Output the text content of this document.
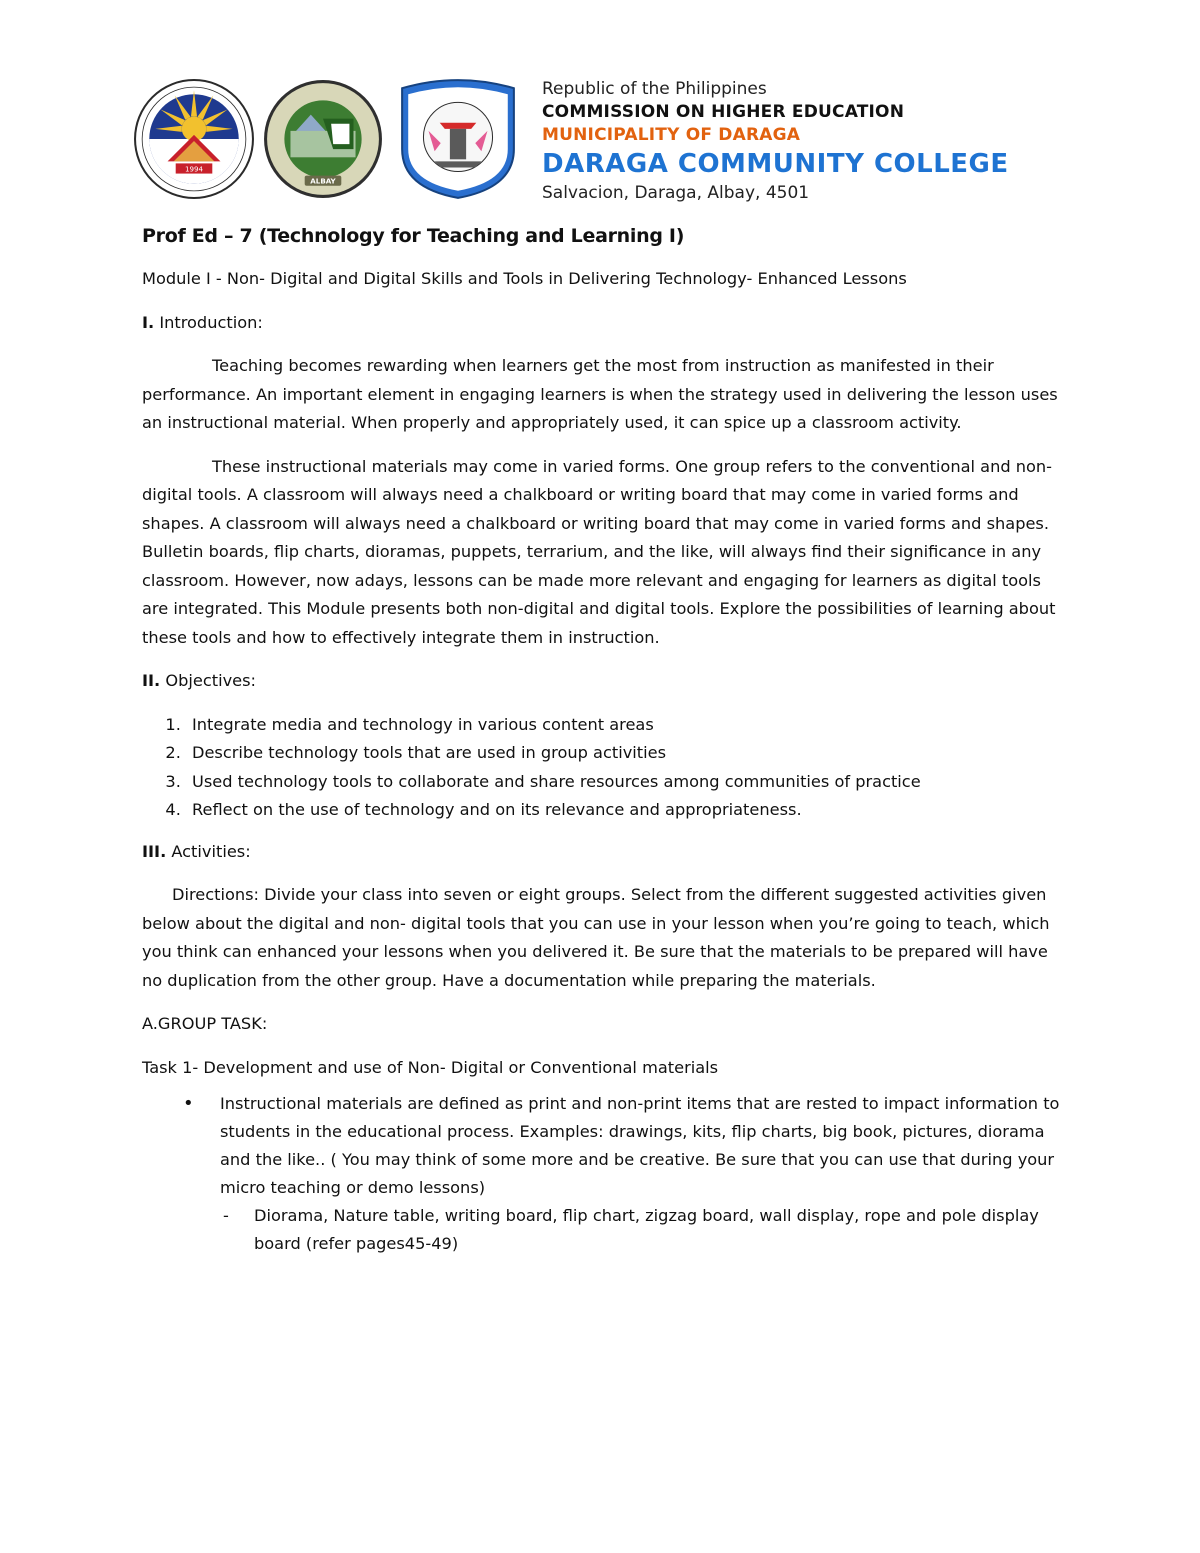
1994
ALBAY
Republic of the Philippines
COMMISSION ON HIGHER EDUCATION
MUNICIPALITY OF DARAGA
DARAGA COMMUNITY COLLEGE
Salvacion, Daraga, Albay, 4501
Prof Ed – 7 (Technology for Teaching and Learning I)
Module I - Non- Digital and Digital Skills and Tools in Delivering Technology- Enhanced Lessons
I. Introduction:
Teaching becomes rewarding when learners get the most from instruction as manifested in their performance. An important element in engaging learners is when the strategy used in delivering the lesson uses an instructional material. When properly and appropriately used, it can spice up a classroom activity.
These instructional materials may come in varied forms. One group refers to the conventional and non-digital tools. A classroom will always need a chalkboard or writing board that may come in varied forms and shapes. A classroom will always need a chalkboard or writing board that may come in varied forms and shapes. Bulletin boards, flip charts, dioramas, puppets, terrarium, and the like, will always find their significance in any classroom. However, now adays, lessons can be made more relevant and engaging for learners as digital tools are integrated. This Module presents both non-digital and digital tools. Explore the possibilities of learning about these tools and how to effectively integrate them in instruction.
II. Objectives:
1. Integrate media and technology in various content areas
2. Describe technology tools that are used in group activities
3. Used technology tools to collaborate and share resources among communities of practice
4. Reflect on the use of technology and on its relevance and appropriateness.
III. Activities:
Directions: Divide your class into seven or eight groups. Select from the different suggested activities given below about the digital and non- digital tools that you can use in your lesson when you’re going to teach, which you think can enhanced your lessons when you delivered it. Be sure that the materials to be prepared will have no duplication from the other group. Have a documentation while preparing the materials.
A.GROUP TASK:
Task 1- Development and use of Non- Digital or Conventional materials
• Instructional materials are defined as print and non-print items that are rested to impact information to students in the educational process. Examples: drawings, kits, flip charts, big book, pictures, diorama and the like.. ( You may think of some more and be creative. Be sure that you can use that during your micro teaching or demo lessons)
- Diorama, Nature table, writing board, flip chart, zigzag board, wall display, rope and pole display board (refer pages45-49)
